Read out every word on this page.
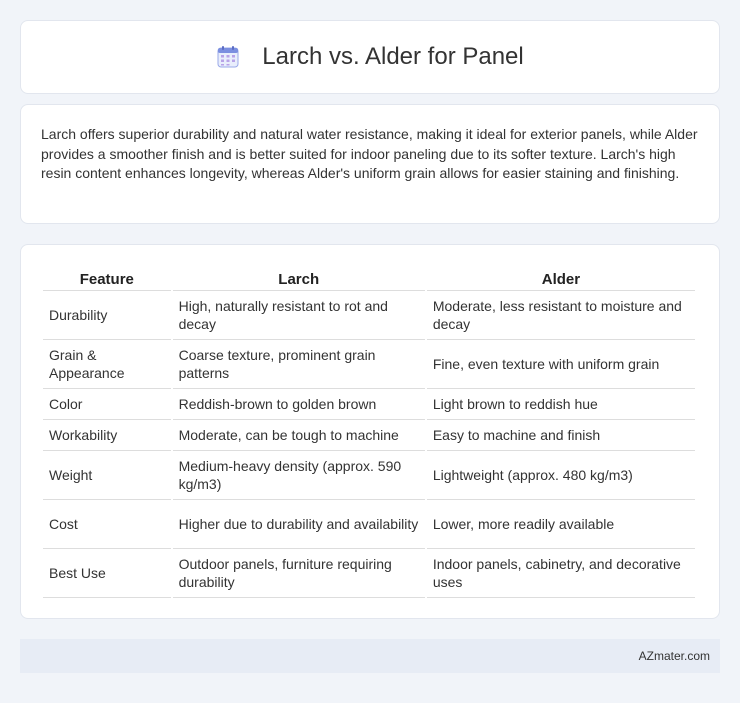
Larch vs. Alder for Panel

Larch offers superior durability and natural water resistance, making it ideal for exterior panels, while Alder provides a smoother finish and is better suited for indoor paneling due to its softer texture. Larch's high resin content enhances longevity, whereas Alder's uniform grain allows for easier staining and finishing.

Feature	Larch	Alder
Durability	High, naturally resistant to rot and decay	Moderate, less resistant to moisture and decay
Grain & Appearance	Coarse texture, prominent grain patterns	Fine, even texture with uniform grain
Color	Reddish-brown to golden brown	Light brown to reddish hue
Workability	Moderate, can be tough to machine	Easy to machine and finish
Weight	Medium-heavy density (approx. 590 kg/m3)	Lightweight (approx. 480 kg/m3)
Cost	Higher due to durability and availability	Lower, more readily available
Best Use	Outdoor panels, furniture requiring durability	Indoor panels, cabinetry, and decorative uses
AZmater.com
